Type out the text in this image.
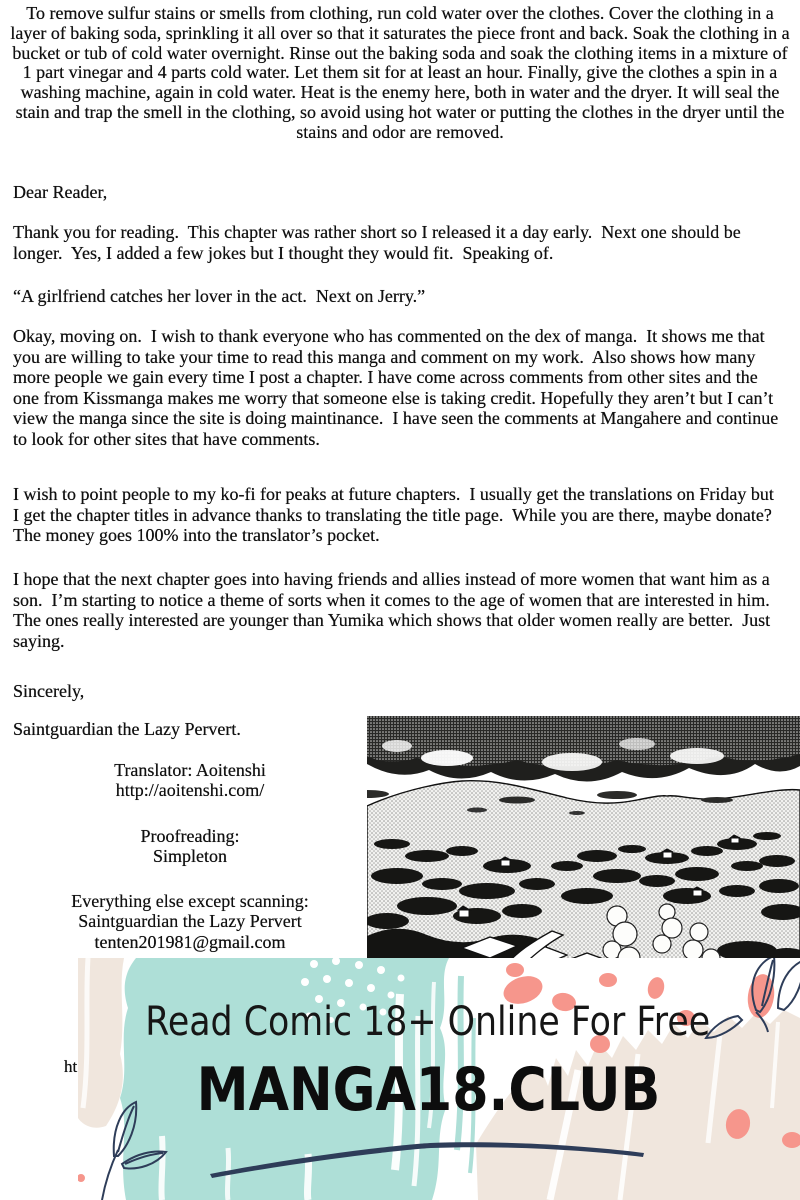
To remove sulfur stains or smells from clothing, run cold water over the clothes. Cover the clothing in a layer of baking soda, sprinkling it all over so that it saturates the piece front and back. Soak the clothing in a bucket or tub of cold water overnight. Rinse out the baking soda and soak the clothing items in a mixture of 1 part vinegar and 4 parts cold water. Let them sit for at least an hour. Finally, give the clothes a spin in a washing machine, again in cold water. Heat is the enemy here, both in water and the dryer. It will seal the stain and trap the smell in the clothing, so avoid using hot water or putting the clothes in the dryer until the stains and odor are removed.
Dear Reader,
Thank you for reading.  This chapter was rather short so I released it a day early.  Next one should be longer.  Yes, I added a few jokes but I thought they would fit.  Speaking of.
“A girlfriend catches her lover in the act.  Next on Jerry.”
Okay, moving on.  I wish to thank everyone who has commented on the dex of manga.  It shows me that you are willing to take your time to read this manga and comment on my work.  Also shows how many more people we gain every time I post a chapter. I have come across comments from other sites and the one from Kissmanga makes me worry that someone else is taking credit. Hopefully they aren’t but I can’t view the manga since the site is doing maintinance.  I have seen the comments at Mangahere and continue to look for other sites that have comments.
I wish to point people to my ko-fi for peaks at future chapters.  I usually get the translations on Friday but I get the chapter titles in advance thanks to translating the title page.  While you are there, maybe donate?  The money goes 100% into the translator’s pocket.
I hope that the next chapter goes into having friends and allies instead of more women that want him as a son.  I’m starting to notice a theme of sorts when it comes to the age of women that are interested in him.  The ones really interested are younger than Yumika which shows that older women really are better.  Just saying.
Sincerely,
Saintguardian the Lazy Pervert.
Translator: Aoitenshi
http://aoitenshi.com/
Proofreading:
Simpleton
Everything else except scanning:
Saintguardian the Lazy Pervert
tenten201981@gmail.com
ht
Read Comic 18+ Online For Free
MANGA18.CLUB
